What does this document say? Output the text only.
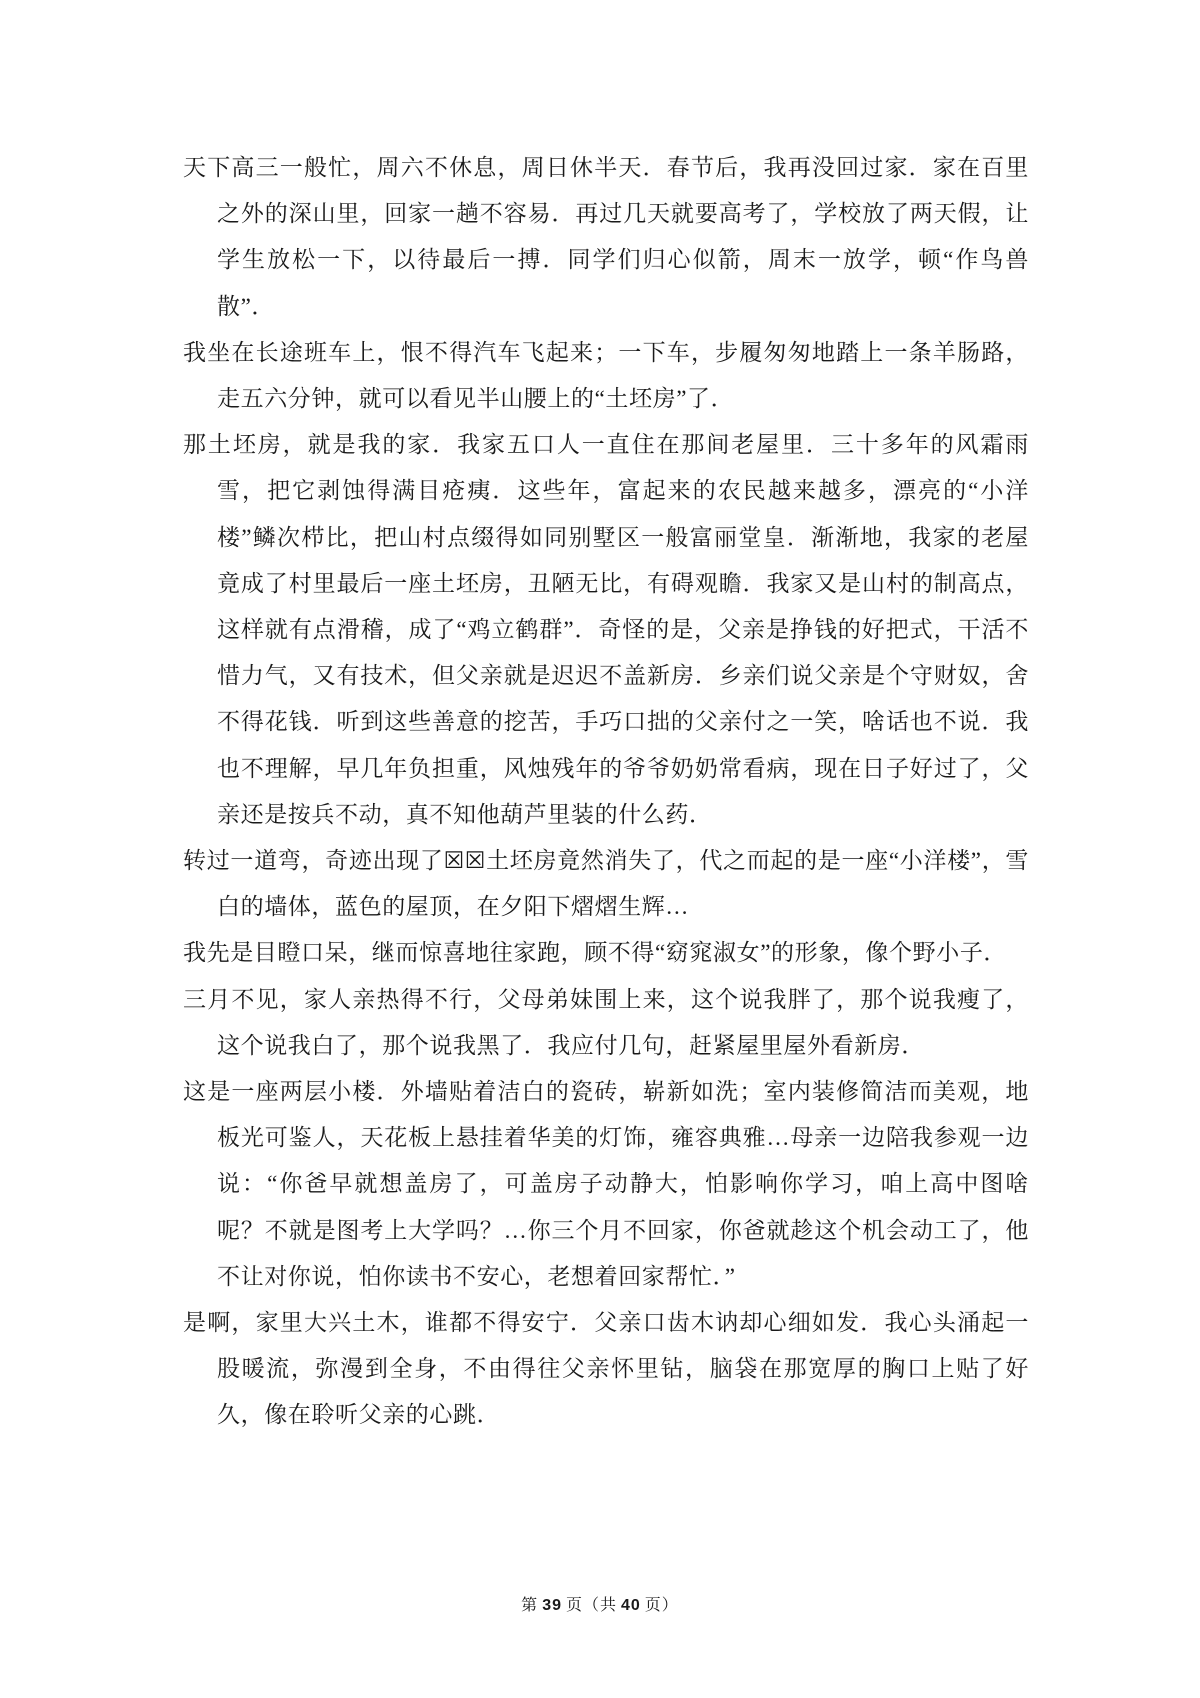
天下高三一般忙，周六不休息，周日休半天．春节后，我再没回过家．家在百里之外的深山里，回家一趟不容易．再过几天就要高考了，学校放了两天假，让学生放松一下，以待最后一搏．同学们归心似箭，周末一放学，顿“作鸟兽散”．

我坐在长途班车上，恨不得汽车飞起来；一下车，步履匆匆地踏上一条羊肠路，走五六分钟，就可以看见半山腰上的“土坯房”了．

那土坯房，就是我的家．我家五口人一直住在那间老屋里．三十多年的风霜雨雪，把它剥蚀得满目疮痍．这些年，富起来的农民越来越多，漂亮的“小洋楼”鳞次栉比，把山村点缀得如同别墅区一般富丽堂皇．渐渐地，我家的老屋竟成了村里最后一座土坯房，丑陋无比，有碍观瞻．我家又是山村的制高点，这样就有点滑稽，成了“鸡立鹤群”．奇怪的是，父亲是挣钱的好把式，干活不惜力气，又有技术，但父亲就是迟迟不盖新房．乡亲们说父亲是个守财奴，舍不得花钱．听到这些善意的挖苦，手巧口拙的父亲付之一笑，啥话也不说．我也不理解，早几年负担重，风烛残年的爷爷奶奶常看病，现在日子好过了，父亲还是按兵不动，真不知他葫芦里装的什么药．

转过一道弯，奇迹出现了☒☒土坯房竟然消失了，代之而起的是一座“小洋楼”，雪白的墙体，蓝色的屋顶，在夕阳下熠熠生辉…

我先是目瞪口呆，继而惊喜地往家跑，顾不得“窈窕淑女”的形象，像个野小子．

三月不见，家人亲热得不行，父母弟妹围上来，这个说我胖了，那个说我瘦了，这个说我白了，那个说我黑了．我应付几句，赶紧屋里屋外看新房．

这是一座两层小楼．外墙贴着洁白的瓷砖，崭新如洗；室内装修简洁而美观，地板光可鉴人，天花板上悬挂着华美的灯饰，雍容典雅…母亲一边陪我参观一边说：“你爸早就想盖房了，可盖房子动静大，怕影响你学习，咱上高中图啥呢？不就是图考上大学吗？…你三个月不回家，你爸就趁这个机会动工了，他不让对你说，怕你读书不安心，老想着回家帮忙．”

是啊，家里大兴土木，谁都不得安宁．父亲口齿木讷却心细如发．我心头涌起一股暖流，弥漫到全身，不由得往父亲怀里钻，脑袋在那宽厚的胸口上贴了好久，像在聆听父亲的心跳．

第 39 页（共 40 页）
